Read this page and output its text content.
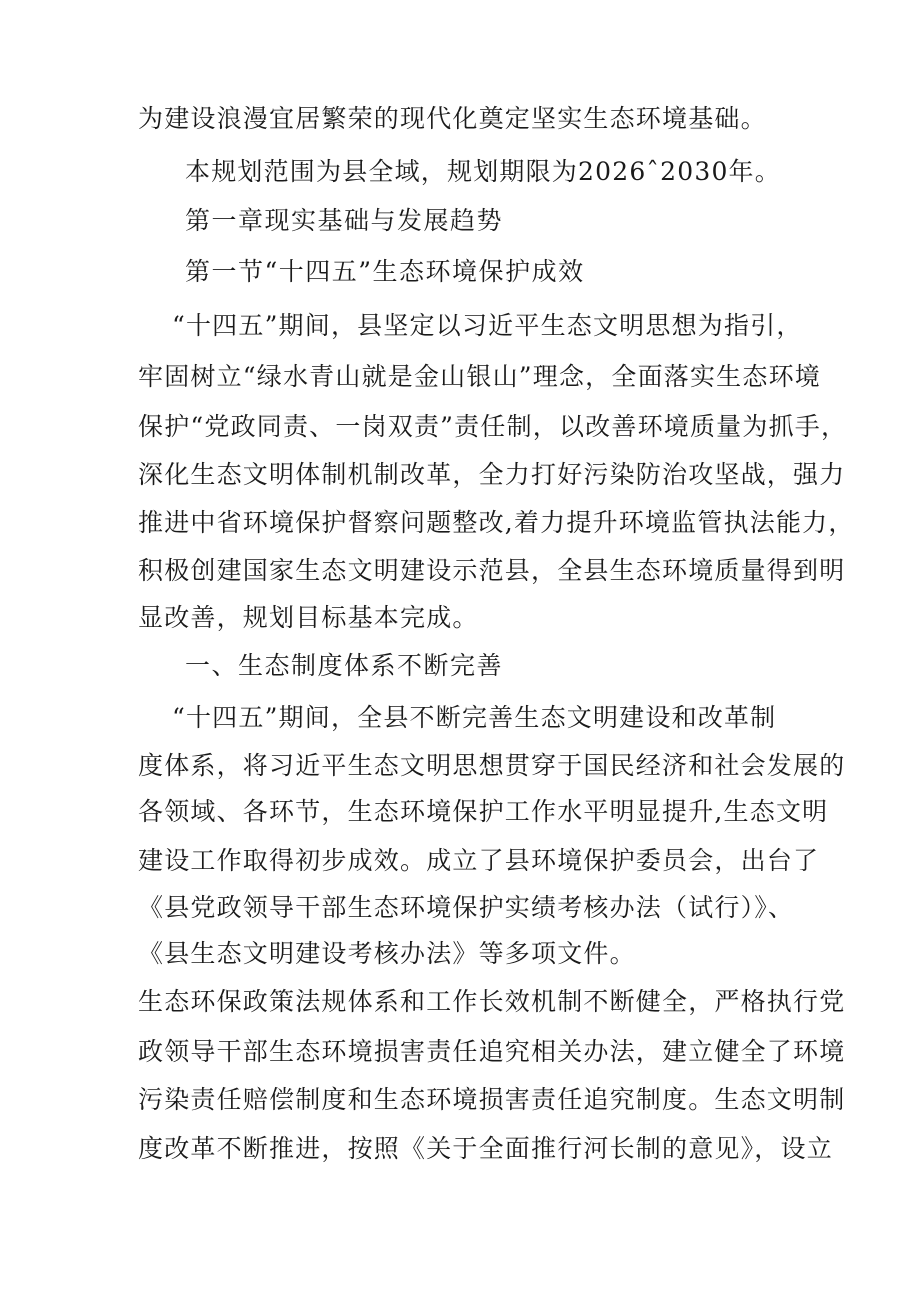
为建设浪漫宜居繁荣的现代化奠定坚实生态环境基础。
本规划范围为县全域，规划期限为2026ˆ2030年。
第一章现实基础与发展趋势
第一节“十四五”生态环境保护成效
“十四五”期间，县坚定以习近平生态文明思想为指引，
牢固树立“绿水青山就是金山银山”理念，全面落实生态环境
保护“党政同责、一岗双责”责任制，以改善环境质量为抓手，
深化生态文明体制机制改革，全力打好污染防治攻坚战，强力
推进中省环境保护督察问题整改,着力提升环境监管执法能力，
积极创建国家生态文明建设示范县，全县生态环境质量得到明
显改善，规划目标基本完成。
一、生态制度体系不断完善
“十四五”期间，全县不断完善生态文明建设和改革制
度体系，将习近平生态文明思想贯穿于国民经济和社会发展的
各领域、各环节，生态环境保护工作水平明显提升,生态文明
建设工作取得初步成效。成立了县环境保护委员会，出台了
《县党政领导干部生态环境保护实绩考核办法（试行）》、
《县生态文明建设考核办法》等多项文件。
生态环保政策法规体系和工作长效机制不断健全，严格执行党
政领导干部生态环境损害责任追究相关办法，建立健全了环境
污染责任赔偿制度和生态环境损害责任追究制度。生态文明制
度改革不断推进，按照《关于全面推行河长制的意见》，设立
